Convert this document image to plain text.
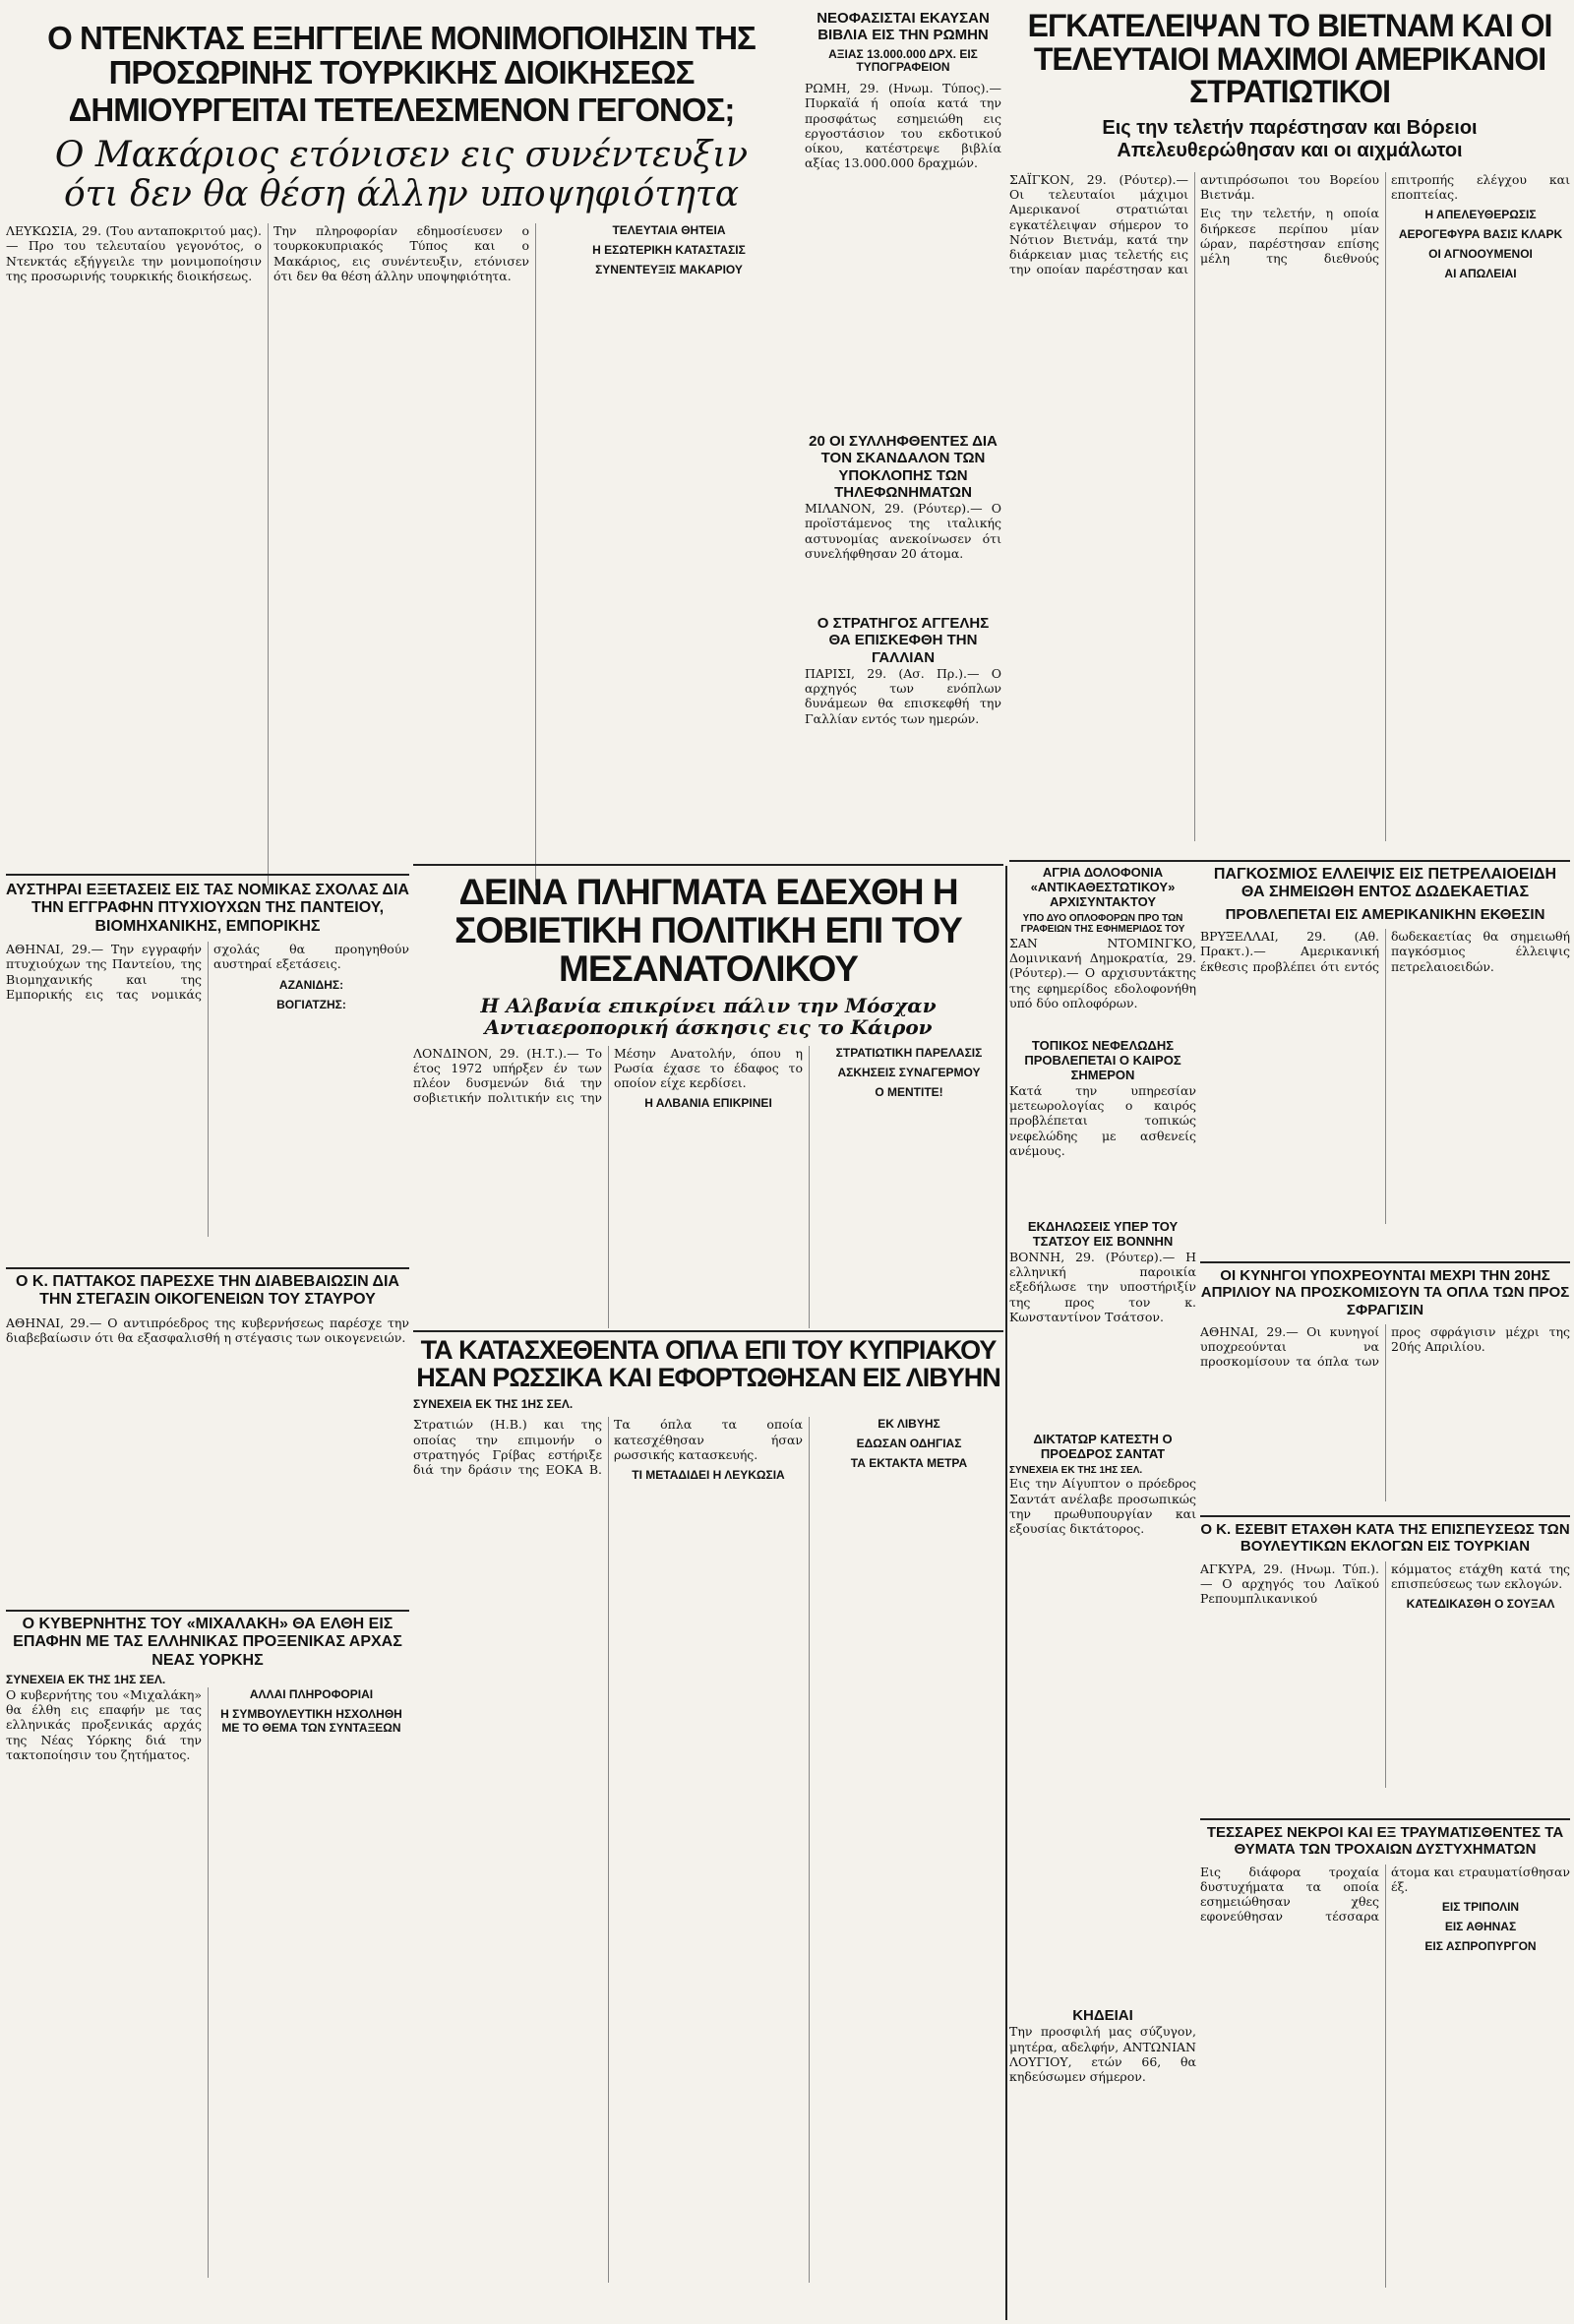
Ο ΝΤΕΝΚΤΑΣ ΕΞΗΓΓΕΙΛΕ ΜΟΝΙΜΟΠΟΙΗΣΙΝ ΤΗΣ ΠΡΟΣΩΡΙΝΗΣ ΤΟΥΡΚΙΚΗΣ ΔΙΟΙΚΗΣΕΩΣ
ΔΗΜΙΟΥΡΓΕΙΤΑΙ ΤΕΤΕΛΕΣΜΕΝΟΝ ΓΕΓΟΝΟΣ;
Ο Μακάριος ετόνισεν εις συνέντευξιν ότι δεν θα θέση άλλην υποψηφιότητα

ΛΕΥΚΩΣΙΑ, 29. (Του ανταποκριτού μας).— Προ του τελευταίου γεγονότος, ο Ντενκτάς εξήγγειλε την μονιμοποίησιν της προσωρινής τουρκικής διοικήσεως.

Την πληροφορίαν εδημοσίευσεν ο τουρκοκυπριακός Τύπος και ο Μακάριος, εις συνέντευξιν, ετόνισεν ότι δεν θα θέση άλλην υποψηφιότητα.

ΤΕΛΕΥΤΑΙΑ ΘΗΤΕΙΑ
Η ΕΣΩΤΕΡΙΚΗ ΚΑΤΑΣΤΑΣΙΣ
ΣΥΝΕΝΤΕΥΞΙΣ ΜΑΚΑΡΙΟΥ
ΝΕΟΦΑΣΙΣΤΑΙ ΕΚΑΥΣΑΝ ΒΙΒΛΙΑ ΕΙΣ ΤΗΝ ΡΩΜΗΝ
ΑΞΙΑΣ 13.000.000 ΔΡΧ. ΕΙΣ ΤΥΠΟΓΡΑΦΕΙΟΝ

ΡΩΜΗ, 29. (Ηνωμ. Τύπος).— Πυρκαϊά ή οποία κατά την προσφάτως εσημειώθη εις εργοστάσιον του εκδοτικού οίκου, κατέστρεψε βιβλία αξίας 13.000.000 δραχμών.

20 ΟΙ ΣΥΛΛΗΦΘΕΝΤΕΣ ΔΙΑ ΤΟΝ ΣΚΑΝΔΑΛΟΝ ΤΩΝ ΥΠΟΚΛΟΠΗΣ ΤΩΝ ΤΗΛΕΦΩΝΗΜΑΤΩΝ

ΜΙΛΑΝΟΝ, 29. (Ρόυτερ).— Ο προϊστάμενος της ιταλικής αστυνομίας ανεκοίνωσεν ότι συνελήφθησαν 20 άτομα.

Ο ΣΤΡΑΤΗΓΟΣ ΑΓΓΕΛΗΣ ΘΑ ΕΠΙΣΚΕΦΘΗ ΤΗΝ ΓΑΛΛΙΑΝ

ΠΑΡΙΣΙ, 29. (Ασ. Πρ.).— Ο αρχηγός των ενόπλων δυνάμεων θα επισκεφθή την Γαλλίαν εντός των ημερών.

ΕΓΚΑΤΕΛΕΙΨΑΝ ΤΟ ΒΙΕΤΝΑΜ ΚΑΙ ΟΙ ΤΕΛΕΥΤΑΙΟΙ ΜΑΧΙΜΟΙ ΑΜΕΡΙΚΑΝΟΙ ΣΤΡΑΤΙΩΤΙΚΟΙ
Εις την τελετήν παρέστησαν και Βόρειοι Απελευθερώθησαν και οι αιχμάλωτοι

ΣΑΪΓΚΟΝ, 29. (Ρόυτερ).— Οι τελευταίοι μάχιμοι Αμερικανοί στρατιώται εγκατέλειψαν σήμερον το Νότιον Βιετνάμ, κατά την διάρκειαν μιας τελετής εις την οποίαν παρέστησαν και αντιπρόσωποι του Βορείου Βιετνάμ.

Εις την τελετήν, η οποία διήρκεσε περίπου μίαν ώραν, παρέστησαν επίσης μέλη της διεθνούς επιτροπής ελέγχου και εποπτείας.

Η ΑΠΕΛΕΥΘΕΡΩΣΙΣ
ΑΕΡΟΓΕΦΥΡΑ ΒΑΣΙΣ ΚΛΑΡΚ
ΟΙ ΑΓΝΟΟΥΜΕΝΟΙ
ΑΙ ΑΠΩΛΕΙΑΙ
ΑΥΣΤΗΡΑΙ ΕΞΕΤΑΣΕΙΣ ΕΙΣ ΤΑΣ ΝΟΜΙΚΑΣ ΣΧΟΛΑΣ ΔΙΑ ΤΗΝ ΕΓΓΡΑΦΗΝ ΠΤΥΧΙΟΥΧΩΝ ΤΗΣ ΠΑΝΤΕΙΟΥ, ΒΙΟΜΗΧΑΝΙΚΗΣ, ΕΜΠΟΡΙΚΗΣ

ΑΘΗΝΑΙ, 29.— Την εγγραφήν πτυχιούχων της Παντείου, της Βιομηχανικής και της Εμπορικής εις τας νομικάς σχολάς θα προηγηθούν αυστηραί εξετάσεις.

ΑΖΑΝΙΔΗΣ:
ΒΟΓΙΑΤΖΗΣ:
Ο Κ. ΠΑΤΤΑΚΟΣ ΠΑΡΕΣΧΕ ΤΗΝ ΔΙΑΒΕΒΑΙΩΣΙΝ ΔΙΑ ΤΗΝ ΣΤΕΓΑΣΙΝ ΟΙΚΟΓΕΝΕΙΩΝ ΤΟΥ ΣΤΑΥΡΟΥ

ΑΘΗΝΑΙ, 29.— Ο αντιπρόεδρος της κυβερνήσεως παρέσχε την διαβεβαίωσιν ότι θα εξασφαλισθή η στέγασις των οικογενειών.

Ο ΚΥΒΕΡΝΗΤΗΣ ΤΟΥ «ΜΙΧΑΛΑΚΗ» ΘΑ ΕΛΘΗ ΕΙΣ ΕΠΑΦΗΝ ΜΕ ΤΑΣ ΕΛΛΗΝΙΚΑΣ ΠΡΟΞΕΝΙΚΑΣ ΑΡΧΑΣ ΝΕΑΣ ΥΟΡΚΗΣ
ΣΥΝΕΧΕΙΑ ΕΚ ΤΗΣ 1ΗΣ ΣΕΛ.

Ο κυβερνήτης του «Μιχαλάκη» θα έλθη εις επαφήν με τας ελληνικάς προξενικάς αρχάς της Νέας Υόρκης διά την τακτοποίησιν του ζητήματος.

ΑΛΛΑΙ ΠΛΗΡΟΦΟΡΙΑΙ
Η ΣΥΜΒΟΥΛΕΥΤΙΚΗ ΗΣΧΟΛΗΘΗ ΜΕ ΤΟ ΘΕΜΑ ΤΩΝ ΣΥΝΤΑΞΕΩΝ
ΔΕΙΝΑ ΠΛΗΓΜΑΤΑ ΕΔΕΧΘΗ Η ΣΟΒΙΕΤΙΚΗ ΠΟΛΙΤΙΚΗ ΕΠΙ ΤΟΥ ΜΕΣΑΝΑΤΟΛΙΚΟΥ
Η Αλβανία επικρίνει πάλιν την Μόσχαν Αντιαεροπορική άσκησις εις το Κάιρον

ΛΟΝΔΙΝΟΝ, 29. (Η.Τ.).— Το έτος 1972 υπήρξεν έν των πλέον δυσμενών διά την σοβιετικήν πολιτικήν εις την Μέσην Ανατολήν, όπου η Ρωσία έχασε το έδαφος το οποίον είχε κερδίσει.

Η ΑΛΒΑΝΙΑ ΕΠΙΚΡΙΝΕΙ
ΣΤΡΑΤΙΩΤΙΚΗ ΠΑΡΕΛΑΣΙΣ
ΑΣΚΗΣΕΙΣ ΣΥΝΑΓΕΡΜΟΥ
Ο ΜΕΝΤΙΤΕ!
ΤΑ ΚΑΤΑΣΧΕΘΕΝΤΑ ΟΠΛΑ ΕΠΙ ΤΟΥ ΚΥΠΡΙΑΚΟΥ ΗΣΑΝ ΡΩΣΣΙΚΑ ΚΑΙ ΕΦΟΡΤΩΘΗΣΑΝ ΕΙΣ ΛΙΒΥΗΝ
ΣΥΝΕΧΕΙΑ ΕΚ ΤΗΣ 1ΗΣ ΣΕΛ.

Στρατιών (Η.Β.) και της οποίας την επιμονήν ο στρατηγός Γρίβας εστήριξε διά την δράσιν της ΕΟΚΑ Β. Τα όπλα τα οποία κατεσχέθησαν ήσαν ρωσσικής κατασκευής.

ΤΙ ΜΕΤΑΔΙΔΕΙ Η ΛΕΥΚΩΣΙΑ
ΕΚ ΛΙΒΥΗΣ
ΕΔΩΣΑΝ ΟΔΗΓΙΑΣ
ΤΑ ΕΚΤΑΚΤΑ ΜΕΤΡΑ
ΑΓΡΙΑ ΔΟΛΟΦΟΝΙΑ «ΑΝΤΙΚΑΘΕΣΤΩΤΙΚΟΥ» ΑΡΧΙΣΥΝΤΑΚΤΟΥ
ΥΠΟ ΔΥΟ ΟΠΛΟΦΟΡΩΝ ΠΡΟ ΤΩΝ ΓΡΑΦΕΙΩΝ ΤΗΣ ΕΦΗΜΕΡΙΔΟΣ ΤΟΥ

ΣΑΝ ΝΤΟΜΙΝΓΚΟ, Δομινικανή Δημοκρατία, 29. (Ρόυτερ).— Ο αρχισυντάκτης της εφημερίδος εδολοφονήθη υπό δύο οπλοφόρων.

ΤΟΠΙΚΟΣ ΝΕΦΕΛΩΔΗΣ ΠΡΟΒΛΕΠΕΤΑΙ Ο ΚΑΙΡΟΣ ΣΗΜΕΡΟΝ

Κατά την υπηρεσίαν μετεωρολογίας ο καιρός προβλέπεται τοπικώς νεφελώδης με ασθενείς ανέμους.

ΕΚΔΗΛΩΣΕΙΣ ΥΠΕΡ ΤΟΥ ΤΣΑΤΣΟΥ ΕΙΣ ΒΟΝΝΗΝ

ΒΟΝΝΗ, 29. (Ρόυτερ).— Η ελληνική παροικία εξεδήλωσε την υποστήριξίν της προς τον κ. Κωνσταντίνον Τσάτσον.

ΔΙΚΤΑΤΩΡ ΚΑΤΕΣΤΗ Ο ΠΡΟΕΔΡΟΣ ΣΑΝΤΑΤ
ΣΥΝΕΧΕΙΑ ΕΚ ΤΗΣ 1ΗΣ ΣΕΛ.

Εις την Αίγυπτον ο πρόεδρος Σαντάτ ανέλαβε προσωπικώς την πρωθυπουργίαν και εξουσίας δικτάτορος.

ΚΗΔΕΙΑΙ

Την προσφιλή μας σύζυγον, μητέρα, αδελφήν, ΑΝΤΩΝΙΑΝ ΛΟΥΓΙΟΥ, ετών 66, θα κηδεύσωμεν σήμερον.

ΠΑΓΚΟΣΜΙΟΣ ΕΛΛΕΙΨΙΣ ΕΙΣ ΠΕΤΡΕΛΑΙΟΕΙΔΗ ΘΑ ΣΗΜΕΙΩΘΗ ΕΝΤΟΣ ΔΩΔΕΚΑΕΤΙΑΣ
ΠΡΟΒΛΕΠΕΤΑΙ ΕΙΣ ΑΜΕΡΙΚΑΝΙΚΗΝ ΕΚΘΕΣΙΝ

ΒΡΥΞΕΛΛΑΙ, 29. (Αθ. Πρακτ.).— Αμερικανική έκθεσις προβλέπει ότι εντός δωδεκαετίας θα σημειωθή παγκόσμιος έλλειψις πετρελαιοειδών.

ΟΙ ΚΥΝΗΓΟΙ ΥΠΟΧΡΕΟΥΝΤΑΙ ΜΕΧΡΙ ΤΗΝ 20ΗΣ ΑΠΡΙΛΙΟΥ ΝΑ ΠΡΟΣΚΟΜΙΣΟΥΝ ΤΑ ΟΠΛΑ ΤΩΝ ΠΡΟΣ ΣΦΡΑΓΙΣΙΝ

ΑΘΗΝΑΙ, 29.— Οι κυνηγοί υποχρεούνται να προσκομίσουν τα όπλα των προς σφράγισιν μέχρι της 20ής Απριλίου.

Ο Κ. ΕΣΕΒΙΤ ΕΤΑΧΘΗ ΚΑΤΑ ΤΗΣ ΕΠΙΣΠΕΥΣΕΩΣ ΤΩΝ ΒΟΥΛΕΥΤΙΚΩΝ ΕΚΛΟΓΩΝ ΕΙΣ ΤΟΥΡΚΙΑΝ

ΑΓΚΥΡΑ, 29. (Ηνωμ. Τύπ.).— Ο αρχηγός του Λαϊκού Ρεπουμπλικανικού κόμματος ετάχθη κατά της επισπεύσεως των εκλογών.

ΚΑΤΕΔΙΚΑΣΘΗ Ο ΣΟΥΞΑΛ
ΤΕΣΣΑΡΕΣ ΝΕΚΡΟΙ ΚΑΙ ΕΞ ΤΡΑΥΜΑΤΙΣΘΕΝΤΕΣ ΤΑ ΘΥΜΑΤΑ ΤΩΝ ΤΡΟΧΑΙΩΝ ΔΥΣΤΥΧΗΜΑΤΩΝ

Εις διάφορα τροχαία δυστυχήματα τα οποία εσημειώθησαν χθες εφονεύθησαν τέσσαρα άτομα και ετραυματίσθησαν έξ.

ΕΙΣ ΤΡΙΠΟΛΙΝ
ΕΙΣ ΑΘΗΝΑΣ
ΕΙΣ ΑΣΠΡΟΠΥΡΓΟΝ
